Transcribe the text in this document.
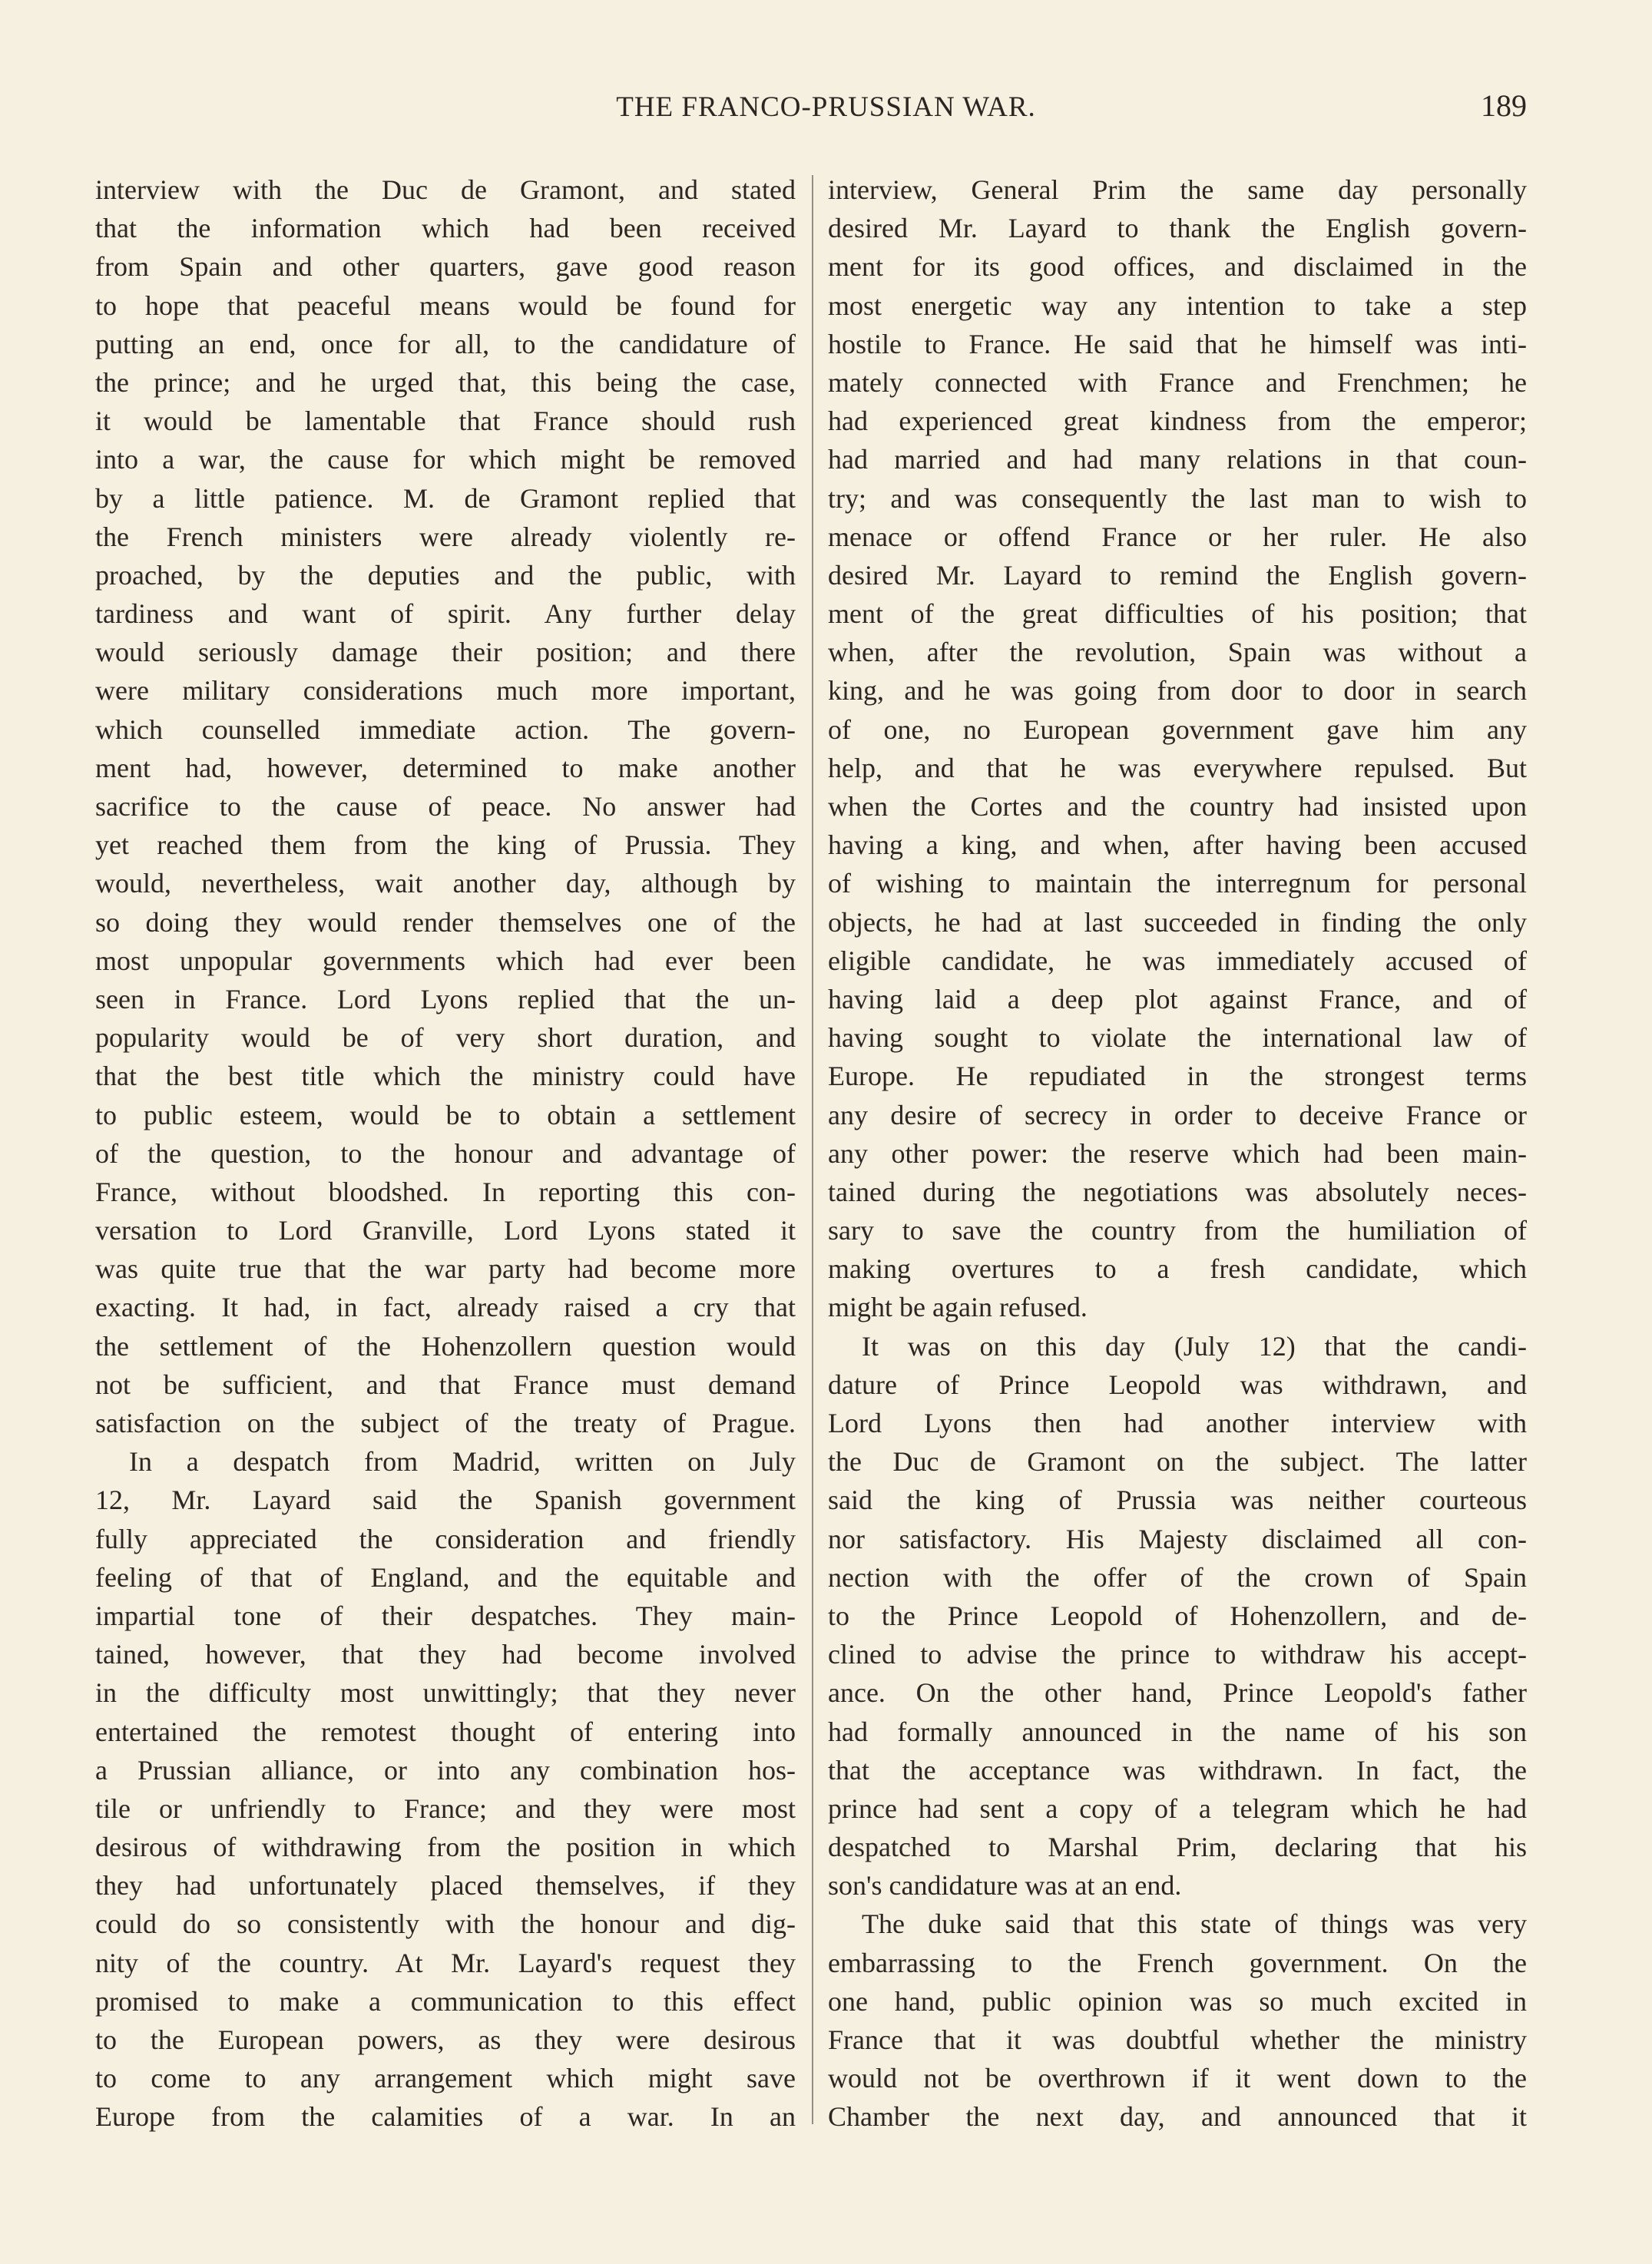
THE FRANCO-PRUSSIAN WAR.	189
interview with the Duc de Gramont, and stated
that the information which had been received
from Spain and other quarters, gave good reason
to hope that peaceful means would be found for
putting an end, once for all, to the candidature of
the prince; and he urged that, this being the case,
it would be lamentable that France should rush
into a war, the cause for which might be removed
by a little patience. M. de Gramont replied that
the French ministers were already violently re-
proached, by the deputies and the public, with
tardiness and want of spirit. Any further delay
would seriously damage their position; and there
were military considerations much more important,
which counselled immediate action. The govern-
ment had, however, determined to make another
sacrifice to the cause of peace. No answer had
yet reached them from the king of Prussia. They
would, nevertheless, wait another day, although by
so doing they would render themselves one of the
most unpopular governments which had ever been
seen in France. Lord Lyons replied that the un-
popularity would be of very short duration, and
that the best title which the ministry could have
to public esteem, would be to obtain a settlement
of the question, to the honour and advantage of
France, without bloodshed. In reporting this con-
versation to Lord Granville, Lord Lyons stated it
was quite true that the war party had become more
exacting. It had, in fact, already raised a cry that
the settlement of the Hohenzollern question would
not be sufficient, and that France must demand
satisfaction on the subject of the treaty of Prague.
In a despatch from Madrid, written on July
12, Mr. Layard said the Spanish government
fully appreciated the consideration and friendly
feeling of that of England, and the equitable and
impartial tone of their despatches. They main-
tained, however, that they had become involved
in the difficulty most unwittingly; that they never
entertained the remotest thought of entering into
a Prussian alliance, or into any combination hos-
tile or unfriendly to France; and they were most
desirous of withdrawing from the position in which
they had unfortunately placed themselves, if they
could do so consistently with the honour and dig-
nity of the country. At Mr. Layard's request they
promised to make a communication to this effect
to the European powers, as they were desirous
to come to any arrangement which might save
Europe from the calamities of a war. In an
interview, General Prim the same day personally
desired Mr. Layard to thank the English govern-
ment for its good offices, and disclaimed in the
most energetic way any intention to take a step
hostile to France. He said that he himself was inti-
mately connected with France and Frenchmen; he
had experienced great kindness from the emperor;
had married and had many relations in that coun-
try; and was consequently the last man to wish to
menace or offend France or her ruler. He also
desired Mr. Layard to remind the English govern-
ment of the great difficulties of his position; that
when, after the revolution, Spain was without a
king, and he was going from door to door in search
of one, no European government gave him any
help, and that he was everywhere repulsed. But
when the Cortes and the country had insisted upon
having a king, and when, after having been accused
of wishing to maintain the interregnum for personal
objects, he had at last succeeded in finding the only
eligible candidate, he was immediately accused of
having laid a deep plot against France, and of
having sought to violate the international law of
Europe. He repudiated in the strongest terms
any desire of secrecy in order to deceive France or
any other power: the reserve which had been main-
tained during the negotiations was absolutely neces-
sary to save the country from the humiliation of
making overtures to a fresh candidate, which
might be again refused.
It was on this day (July 12) that the candi-
dature of Prince Leopold was withdrawn, and
Lord Lyons then had another interview with
the Duc de Gramont on the subject. The latter
said the king of Prussia was neither courteous
nor satisfactory. His Majesty disclaimed all con-
nection with the offer of the crown of Spain
to the Prince Leopold of Hohenzollern, and de-
clined to advise the prince to withdraw his accept-
ance. On the other hand, Prince Leopold's father
had formally announced in the name of his son
that the acceptance was withdrawn. In fact, the
prince had sent a copy of a telegram which he had
despatched to Marshal Prim, declaring that his
son's candidature was at an end.
The duke said that this state of things was very
embarrassing to the French government. On the
one hand, public opinion was so much excited in
France that it was doubtful whether the ministry
would not be overthrown if it went down to the
Chamber the next day, and announced that it
